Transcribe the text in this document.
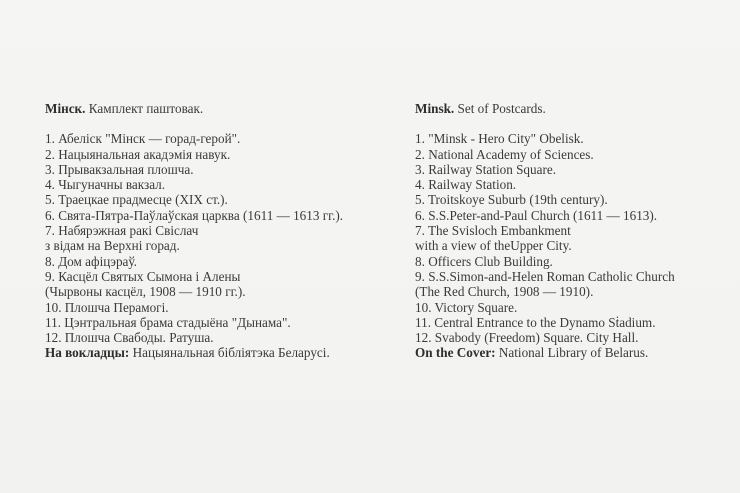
Мінск. Камплект паштовак.
1. Абеліск "Мінск — горад-герой".
2. Нацыянальная акадэмія навук.
3. Прывакзальная плошча.
4. Чыгуначны вакзал.
5. Траецкае прадмесце (XIX ст.).
6. Свята-Пятра-Паўлаўская царква (1611 — 1613 гг.).
7. Набярэжная ракі Свіслач
з відам на Верхні горад.
8. Дом афіцэраў.
9. Касцёл Святых Сымона і Алены
(Чырвоны касцёл, 1908 — 1910 гг.).
10. Плошча Перамогі.
11. Цэнтральная брама стадыёна "Дынама".
12. Плошча Свабоды. Ратуша.
На вокладцы: Нацыянальная бібліятэка Беларусі.
Minsk. Set of Postcards.
1. "Minsk - Hero City" Obelisk.
2. National Academy of Sciences.
3. Railway Station Square.
4. Railway Station.
5. Troitskoye Suburb (19th century).
6. S.S.Peter-and-Paul Church (1611 — 1613).
7. The Svisloch Embankment
with a view of theUpper City.
8. Officers Club Building.
9. S.S.Simon-and-Helen Roman Catholic Church
(The Red Church, 1908 — 1910).
10. Victory Square.
11. Central Entrance to the Dynamo Sṫadium.
12. Svabody (Freedom) Square. City Hall.
On the Cover: National Library of Belarus.
